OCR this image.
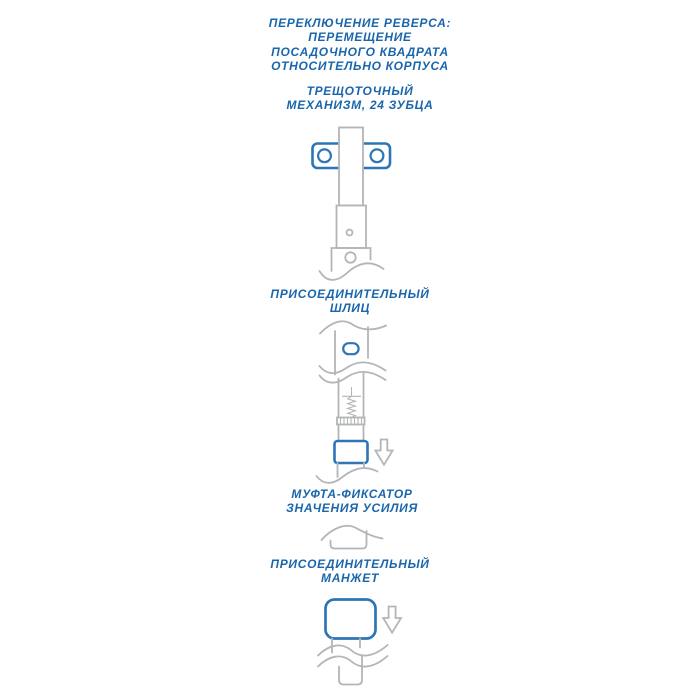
ПЕРЕКЛЮЧЕНИЕ РЕВЕРСА:
ПЕРЕМЕЩЕНИЕ
ПОСАДОЧНОГО КВАДРАТА
ОТНОСИТЕЛЬНО КОРПУСА
ТРЕЩОТОЧНЫЙ
МЕХАНИЗМ, 24 ЗУБЦА
ПРИСОЕДИНИТЕЛЬНЫЙ
ШЛИЦ
МУФТА-ФИКСАТОР
ЗНАЧЕНИЯ УСИЛИЯ
ПРИСОЕДИНИТЕЛЬНЫЙ
МАНЖЕТ
